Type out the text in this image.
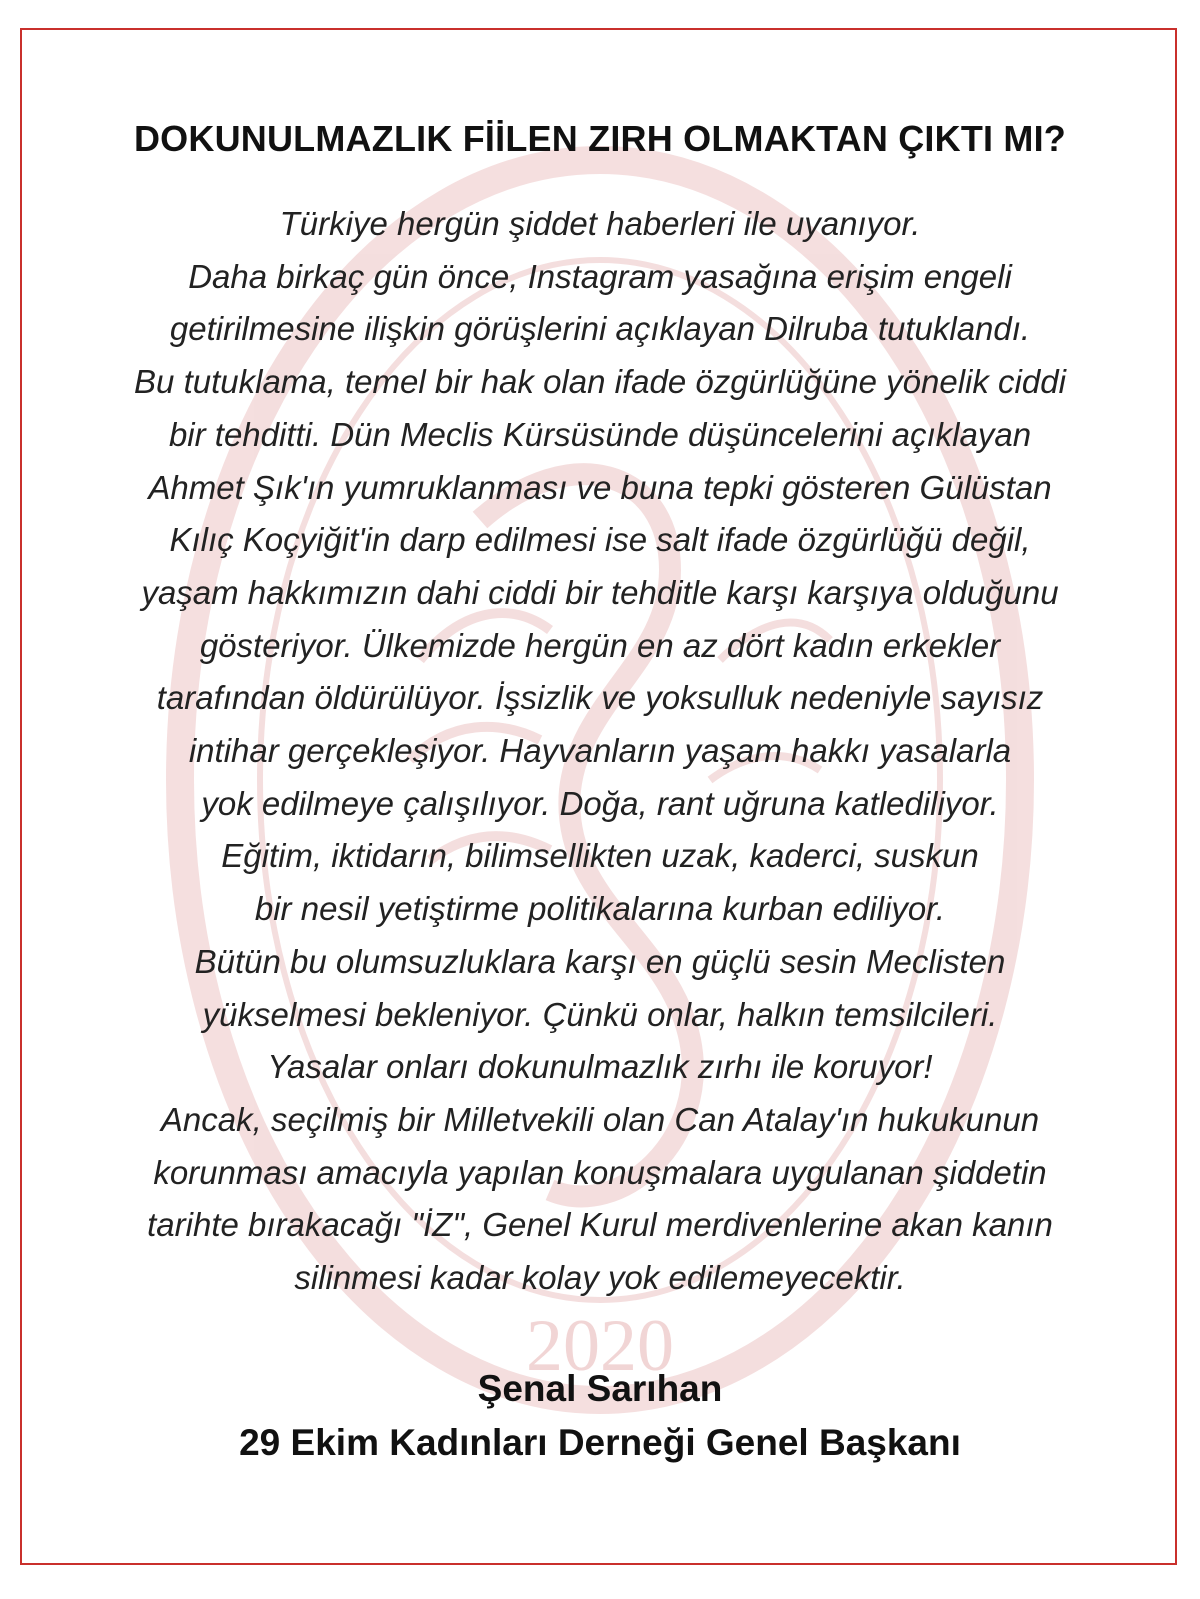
2020
DOKUNULMAZLIK FİİLEN ZIRH OLMAKTAN ÇIKTI MI?
Türkiye hergün şiddet haberleri ile uyanıyor.
Daha birkaç gün önce, Instagram yasağına erişim engeli
getirilmesine ilişkin görüşlerini açıklayan Dilruba tutuklandı.
Bu tutuklama, temel bir hak olan ifade özgürlüğüne yönelik ciddi
bir tehditti. Dün Meclis Kürsüsünde düşüncelerini açıklayan
Ahmet Şık'ın yumruklanması ve buna tepki gösteren Gülüstan
Kılıç Koçyiğit'in darp edilmesi ise salt ifade özgürlüğü değil,
yaşam hakkımızın dahi ciddi bir tehditle karşı karşıya olduğunu
gösteriyor. Ülkemizde hergün en az dört kadın erkekler
tarafından öldürülüyor. İşsizlik ve yoksulluk nedeniyle sayısız
intihar gerçekleşiyor. Hayvanların yaşam hakkı yasalarla
yok edilmeye çalışılıyor. Doğa, rant uğruna katlediliyor.
Eğitim, iktidarın, bilimsellikten uzak, kaderci, suskun
bir nesil yetiştirme politikalarına kurban ediliyor.
Bütün bu olumsuzluklara karşı en güçlü sesin Meclisten
yükselmesi bekleniyor. Çünkü onlar, halkın temsilcileri.
Yasalar onları dokunulmazlık zırhı ile koruyor!
Ancak, seçilmiş bir Milletvekili olan Can Atalay'ın hukukunun
korunması amacıyla yapılan konuşmalara uygulanan şiddetin
tarihte bırakacağı "İZ", Genel Kurul merdivenlerine akan kanın
silinmesi kadar kolay yok edilemeyecektir.
Şenal Sarıhan
29 Ekim Kadınları Derneği Genel Başkanı
